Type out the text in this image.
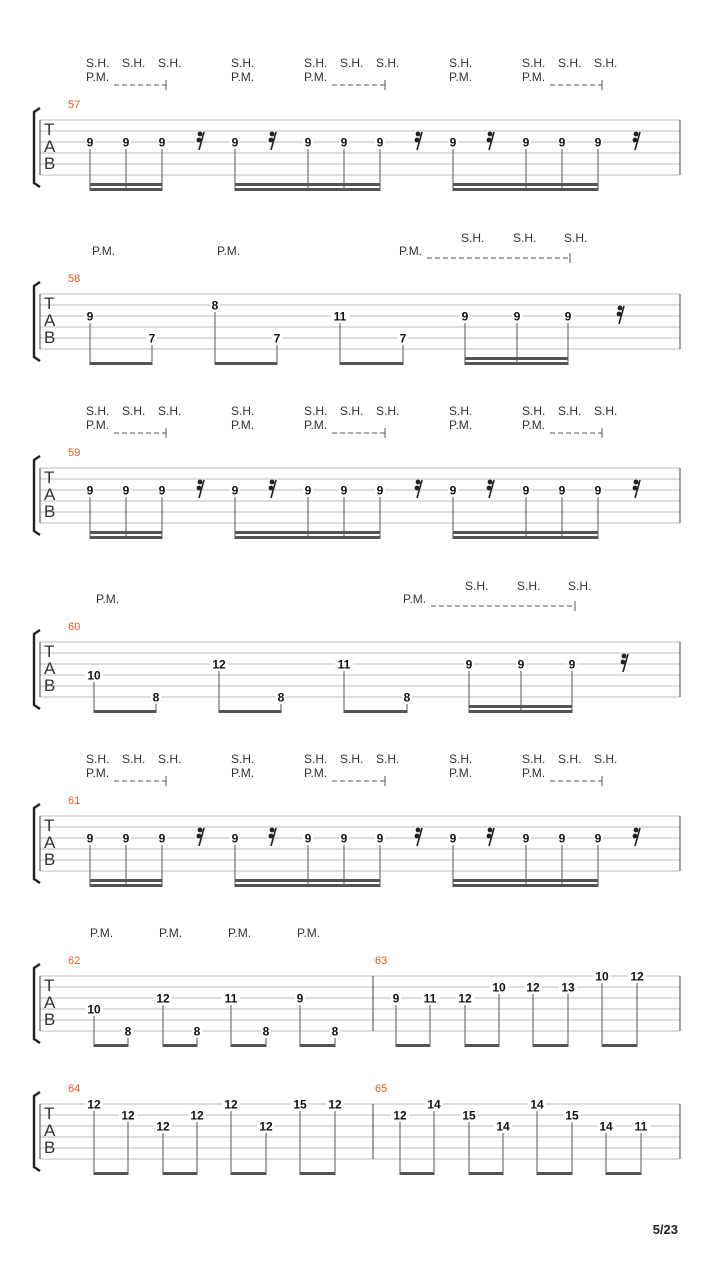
T
A
B
57
9
S.H.
P.M.
9
S.H.
9
S.H.
9
S.H.
P.M.
9
S.H.
P.M.
9
S.H.
9
S.H.
9
S.H.
P.M.
9
S.H.
P.M.
9
S.H.
9
S.H.
T
A
B
58
9
7
P.M.
8
7
P.M.
11
7
P.M.
9
S.H.
9
S.H.
9
S.H.
T
A
B
59
9
S.H.
P.M.
9
S.H.
9
S.H.
9
S.H.
P.M.
9
S.H.
P.M.
9
S.H.
9
S.H.
9
S.H.
P.M.
9
S.H.
P.M.
9
S.H.
9
S.H.
T
A
B
60
10
8
P.M.
12
8
11
8
P.M.
9
S.H.
9
S.H.
9
S.H.
T
A
B
61
9
S.H.
P.M.
9
S.H.
9
S.H.
9
S.H.
P.M.
9
S.H.
P.M.
9
S.H.
9
S.H.
9
S.H.
P.M.
9
S.H.
P.M.
9
S.H.
9
S.H.
T
A
B
62	63
10
8
P.M.
12
8
P.M.
11
8
P.M.
9
8
P.M.
9 11 12
10 12 13
10 12
T
A
B
64	65
12
12
12
12
12
12
15 12
12
14
15
14
14
15
14 11
5/23
